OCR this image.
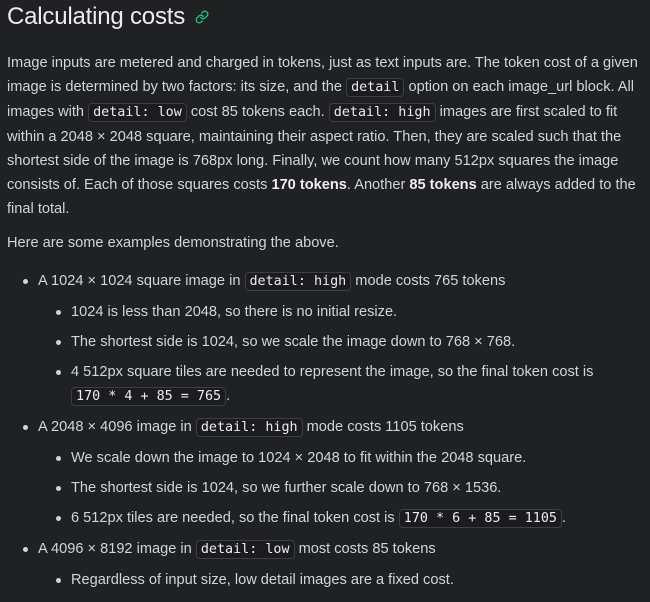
Calculating costs

Image inputs are metered and charged in tokens, just as text inputs are. The token cost of a given image is determined by two factors: its size, and the detail option on each image_url block. All images with detail: low cost 85 tokens each. detail: high images are first scaled to fit within a 2048 × 2048 square, maintaining their aspect ratio. Then, they are scaled such that the shortest side of the image is 768px long. Finally, we count how many 512px squares the image consists of. Each of those squares costs 170 tokens. Another 85 tokens are always added to the final total.

Here are some examples demonstrating the above.

A 1024 × 1024 square image in detail: high mode costs 765 tokens
1024 is less than 2048, so there is no initial resize.
The shortest side is 1024, so we scale the image down to 768 × 768.
4 512px square tiles are needed to represent the image, so the final token cost is 170 * 4 + 85 = 765 .
A 2048 × 4096 image in detail: high mode costs 1105 tokens
We scale down the image to 1024 × 2048 to fit within the 2048 square.
The shortest side is 1024, so we further scale down to 768 × 1536.
6 512px tiles are needed, so the final token cost is 170 * 6 + 85 = 1105 .
A 4096 × 8192 image in detail: low most costs 85 tokens
Regardless of input size, low detail images are a fixed cost.
